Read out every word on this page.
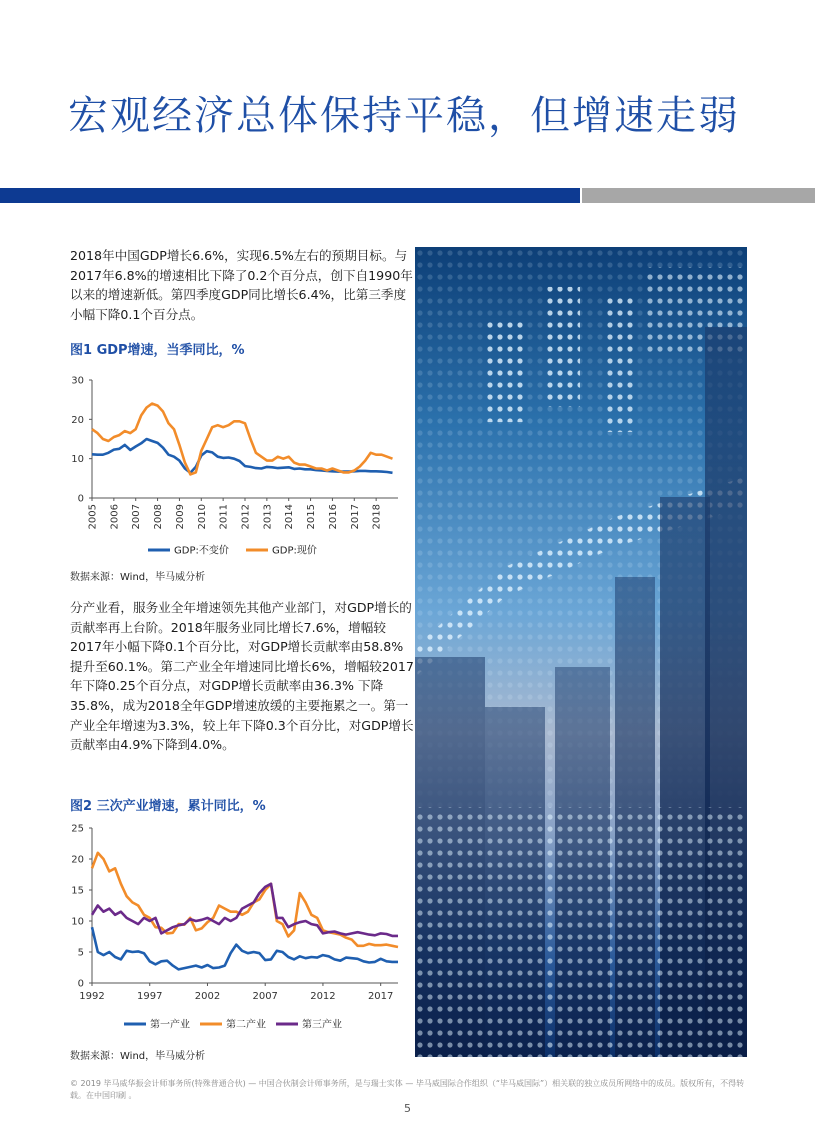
宏观经济总体保持平稳，但增速走弱
2018年中国GDP增长6.6%，实现6.5%左右的预期目标。与2017年6.8%的增速相比下降了0.2个百分点，创下自1990年以来的增速新低。第四季度GDP同比增长6.4%，比第三季度小幅下降0.1个百分点。
图1 GDP增速，当季同比，%
0
10
20
30
2005 2006 2007 2008 2009 2010 2011 2012 2013 2014 2015 2016 2017 2018
GDP:不变价	GDP:现价
数据来源：Wind，毕马威分析
分产业看，服务业全年增速领先其他产业部门，对GDP增长的贡献率再上台阶。2018年服务业同比增长7.6%，增幅较2017年小幅下降0.1个百分比，对GDP增长贡献率由58.8%提升至60.1%。第二产业全年增速同比增长6%，增幅较2017年下降0.25个百分点，对GDP增长贡献率由36.3% 下降35.8%，成为2018全年GDP增速放缓的主要拖累之一。第一产业全年增速为3.3%，较上年下降0.3个百分比，对GDP增长贡献率由4.9%下降到4.0%。
图2 三次产业增速，累计同比，%
0
5
10
15
20
25
1992	1997	2002	2007	2012	2017
第一产业	第二产业	第三产业
数据来源：Wind，毕马威分析
© 2019 毕马威华振会计师事务所(特殊普通合伙) — 中国合伙制会计师事务所，是与瑞士实体 — 毕马威国际合作组织（“毕马威国际”）相关联的独立成员所网络中的成员。版权所有，不得转载。在中国印刷 。
5
